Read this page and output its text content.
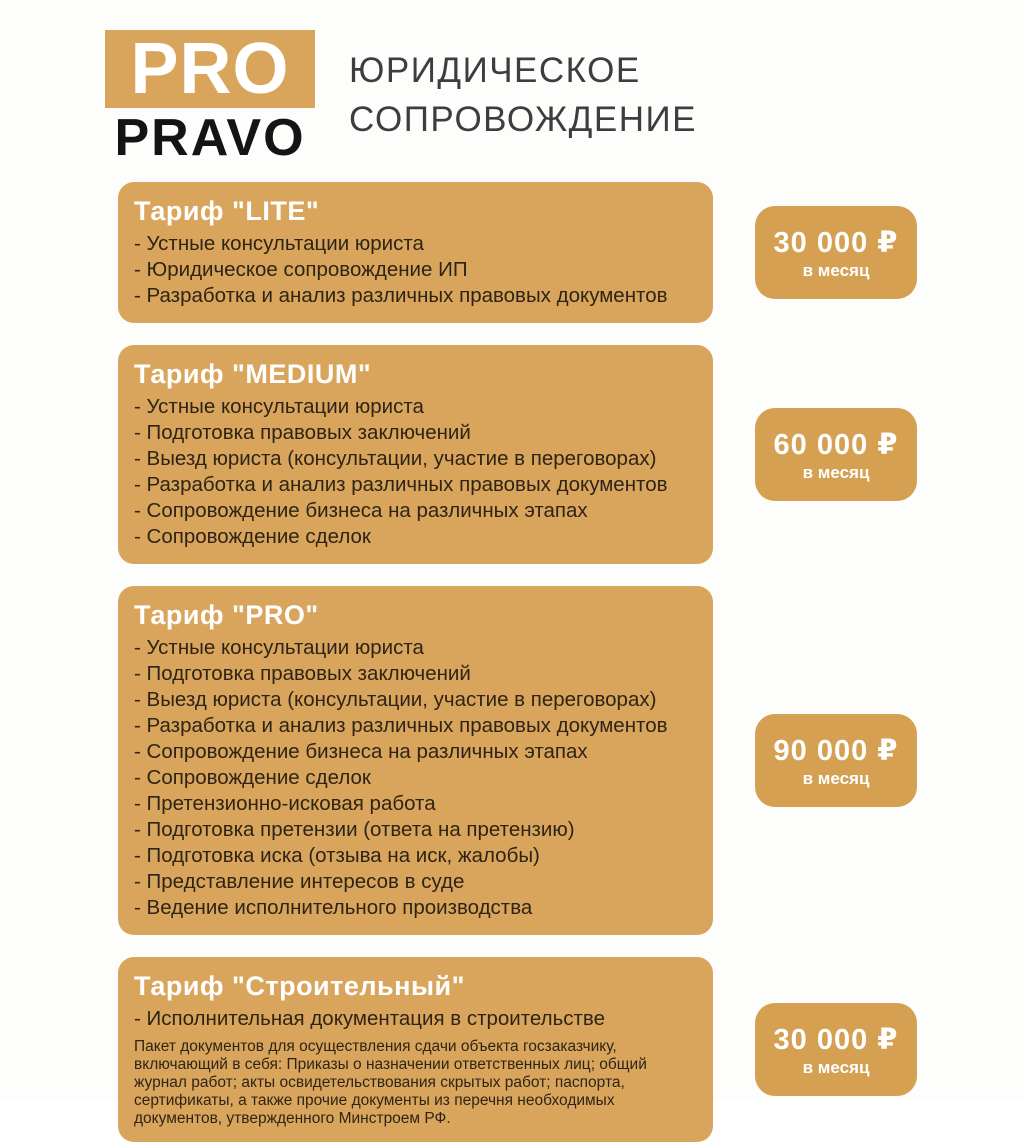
PRO
PRAVO
ЮРИДИЧЕСКОЕ
СОПРОВОЖДЕНИЕ
Тариф "LITE"
- Устные консультации юриста
- Юридическое сопровождение ИП
- Разработка и анализ различных правовых документов
30 000 ₽
в месяц
Тариф "MEDIUM"
- Устные консультации юриста
- Подготовка правовых заключений
- Выезд юриста (консультации, участие в переговорах)
- Разработка и анализ различных правовых документов
- Сопровождение бизнеса на различных этапах
- Сопровождение сделок
60 000 ₽
в месяц
Тариф "PRO"
- Устные консультации юриста
- Подготовка правовых заключений
- Выезд юриста (консультации, участие в переговорах)
- Разработка и анализ различных правовых документов
- Сопровождение бизнеса на различных этапах
- Сопровождение сделок
- Претензионно-исковая работа
- Подготовка претензии (ответа на претензию)
- Подготовка иска (отзыва на иск, жалобы)
- Представление интересов в суде
- Ведение исполнительного производства
90 000 ₽
в месяц
Тариф "Строительный"
- Исполнительная документация в строительстве

Пакет документов для осуществления сдачи объекта госзаказчику, включающий в себя: Приказы о назначении ответственных лиц; общий журнал работ; акты освидетельствования скрытых работ; паспорта, сертификаты, а также прочие документы из перечня необходимых документов, утвержденного Минстроем РФ.

30 000 ₽
в месяц
